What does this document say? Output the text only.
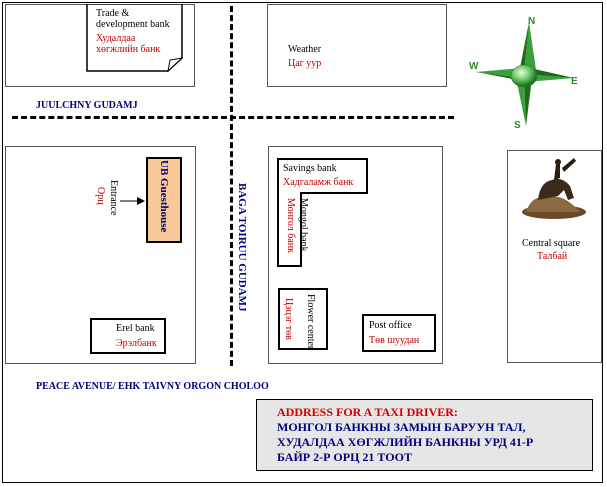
JUULCHNY GUDAMJ
BAGA TOIRUU GUDAMJ
PEACE AVENUE/ EHK TAIVNY ORGON CHOLOO
Trade & development bank
Худалдаа хөгжлийн банк	Weather
Цаг уур
N
W
E
S
UB Guesthouse
Entrance
Орц
Erel bank
Эрэлбанк
Savings bank
Хадгаламж банк
Mongol bank
Монгол банк
Flower center
Цэцэг төв	Post office
Төв шуудан
Central square
Талбай
ADDRESS FOR A TAXI DRIVER:
МОНГОЛ БАНКНЫ ЗАМЫН БАРУУН ТАЛ,
ХУДАЛДАА ХӨГЖЛИЙН БАНКНЫ УРД 41-Р
БАЙР 2-Р ОРЦ 21 ТООТ
